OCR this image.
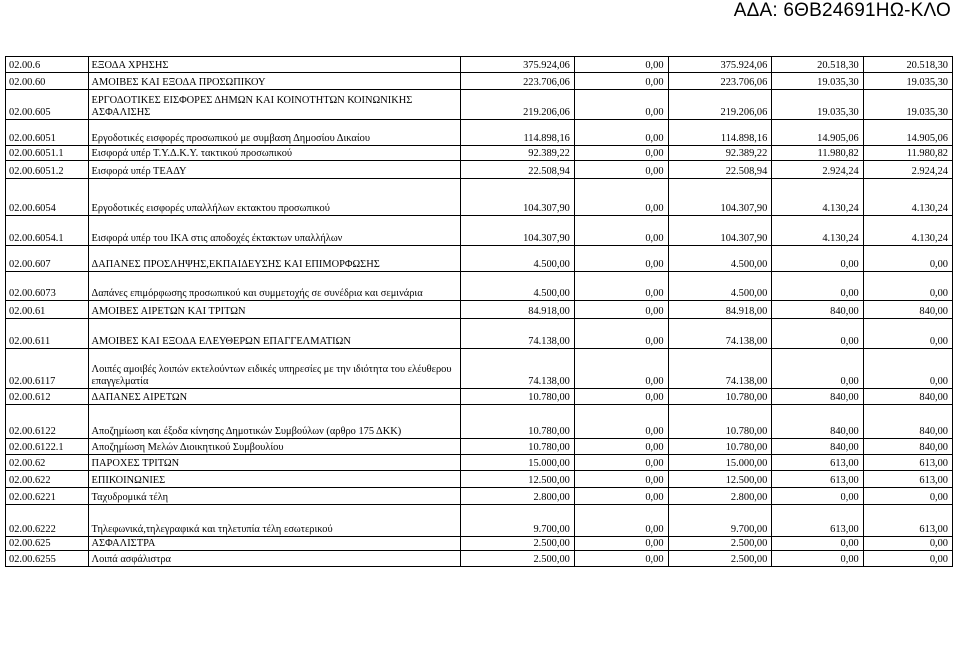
ΑΔΑ: 6ΘΒ24691ΗΩ-ΚΛΟ
02.00.6	ΕΞΟΔΑ ΧΡΗΣΗΣ	375.924,06	0,00	375.924,06	20.518,30	20.518,30
02.00.60	ΑΜΟΙΒΕΣ ΚΑΙ ΕΞΟΔΑ ΠΡΟΣΩΠΙΚΟΥ	223.706,06	0,00	223.706,06	19.035,30	19.035,30
02.00.605	ΕΡΓΟΔΟΤΙΚΕΣ ΕΙΣΦΟΡΕΣ ΔΗΜΩΝ ΚΑΙ ΚΟΙΝΟΤΗΤΩΝ ΚΟΙΝΩΝΙΚΗΣ ΑΣΦΑΛΙΣΗΣ	219.206,06	0,00	219.206,06	19.035,30	19.035,30
02.00.6051	Εργοδοτικές εισφορές προσωπικού με συμβαση Δημοσίου Δικαίου	114.898,16	0,00	114.898,16	14.905,06	14.905,06
02.00.6051.1	Εισφορά υπέρ Τ.Υ.Δ.Κ.Υ. τακτικού προσωπικού	92.389,22	0,00	92.389,22	11.980,82	11.980,82
02.00.6051.2	Εισφορά υπέρ ΤΕΑΔΥ	22.508,94	0,00	22.508,94	2.924,24	2.924,24
02.00.6054	Εργοδοτικές εισφορές υπαλλήλων εκτακτου προσωπικού	104.307,90	0,00	104.307,90	4.130,24	4.130,24
02.00.6054.1	Εισφορά υπέρ του ΙΚΑ στις αποδοχές έκτακτων υπαλλήλων	104.307,90	0,00	104.307,90	4.130,24	4.130,24
02.00.607	ΔΑΠΑΝΕΣ ΠΡΟΣΛΗΨΗΣ,ΕΚΠΑΙΔΕΥΣΗΣ ΚΑΙ ΕΠΙΜΟΡΦΩΣΗΣ	4.500,00	0,00	4.500,00	0,00	0,00
02.00.6073	Δαπάνες επιμόρφωσης προσωπικού και συμμετοχής σε συνέδρια και σεμινάρια	4.500,00	0,00	4.500,00	0,00	0,00
02.00.61	ΑΜΟΙΒΕΣ ΑΙΡΕΤΩΝ ΚΑΙ ΤΡΙΤΩΝ	84.918,00	0,00	84.918,00	840,00	840,00
02.00.611	ΑΜΟΙΒΕΣ ΚΑΙ ΕΞΟΔΑ ΕΛΕΥΘΕΡΩΝ ΕΠΑΓΓΕΛΜΑΤΙΩΝ	74.138,00	0,00	74.138,00	0,00	0,00
02.00.6117	Λοιπές αμοιβές λοιπών εκτελούντων ειδικές υπηρεσίες με την ιδιότητα του ελέυθερου επαγγελματία	74.138,00	0,00	74.138,00	0,00	0,00
02.00.612	ΔΑΠΑΝΕΣ ΑΙΡΕΤΩΝ	10.780,00	0,00	10.780,00	840,00	840,00
02.00.6122	Αποζημίωση και έξοδα κίνησης Δημοτικών Συμβούλων (αρθρο 175 ΔΚΚ)	10.780,00	0,00	10.780,00	840,00	840,00
02.00.6122.1	Αποζημίωση Μελών Διοικητικού Συμβουλίου	10.780,00	0,00	10.780,00	840,00	840,00
02.00.62	ΠΑΡΟΧΕΣ ΤΡΙΤΩΝ	15.000,00	0,00	15.000,00	613,00	613,00
02.00.622	ΕΠΙΚΟΙΝΩΝΙΕΣ	12.500,00	0,00	12.500,00	613,00	613,00
02.00.6221	Ταχυδρομικά τέλη	2.800,00	0,00	2.800,00	0,00	0,00
02.00.6222	Τηλεφωνικά,τηλεγραφικά και τηλετυπία τέλη εσωτερικού	9.700,00	0,00	9.700,00	613,00	613,00
02.00.625	ΑΣΦΑΛΙΣΤΡΑ	2.500,00	0,00	2.500,00	0,00	0,00
02.00.6255	Λοιπά ασφάλιστρα	2.500,00	0,00	2.500,00	0,00	0,00
